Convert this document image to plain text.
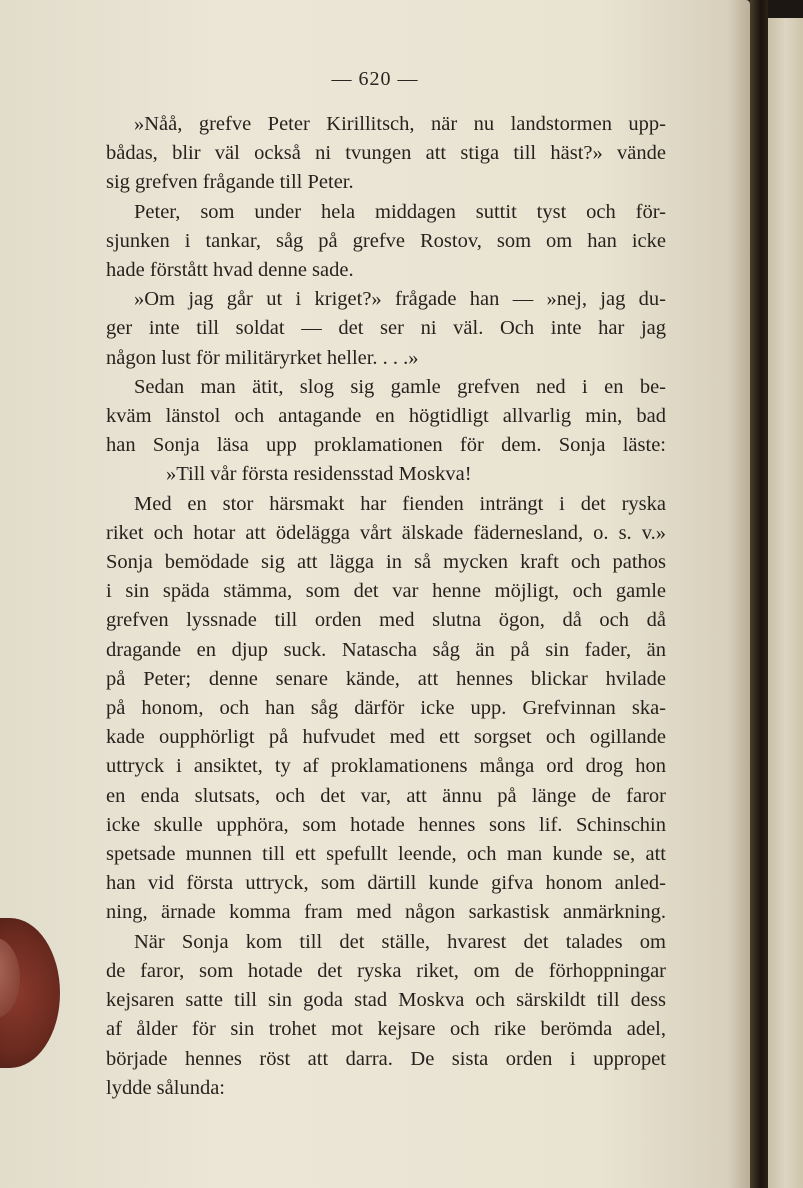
— 620 —

»Nåå, grefve Peter Kirillitsch, när nu landstormen upp-
bådas, blir väl också ni tvungen att stiga till häst?» vände
sig grefven frågande till Peter.

Peter, som under hela middagen suttit tyst och för-
sjunken i tankar, såg på grefve Rostov, som om han icke
hade förstått hvad denne sade.

»Om jag går ut i kriget?» frågade han — »nej, jag du-
ger inte till soldat — det ser ni väl. Och inte har jag
någon lust för militäryrket heller. . . .»

Sedan man ätit, slog sig gamle grefven ned i en be-
kväm länstol och antagande en högtidligt allvarlig min, bad
han Sonja läsa upp proklamationen för dem. Sonja läste:

»Till vår första residensstad Moskva!

Med en stor härsmakt har fienden inträngt i det ryska
riket och hotar att ödelägga vårt älskade fädernesland, o. s. v.»
Sonja bemödade sig att lägga in så mycken kraft och pathos
i sin späda stämma, som det var henne möjligt, och gamle
grefven lyssnade till orden med slutna ögon, då och då
dragande en djup suck. Natascha såg än på sin fader, än
på Peter; denne senare kände, att hennes blickar hvilade
på honom, och han såg därför icke upp. Grefvinnan ska-
kade oupphörligt på hufvudet med ett sorgset och ogillande
uttryck i ansiktet, ty af proklamationens många ord drog hon
en enda slutsats, och det var, att ännu på länge de faror
icke skulle upphöra, som hotade hennes sons lif. Schinschin
spetsade munnen till ett spefullt leende, och man kunde se, att
han vid första uttryck, som därtill kunde gifva honom anled-
ning, ärnade komma fram med någon sarkastisk anmärkning.

När Sonja kom till det ställe, hvarest det talades om
de faror, som hotade det ryska riket, om de förhoppningar
kejsaren satte till sin goda stad Moskva och särskildt till dess
af ålder för sin trohet mot kejsare och rike berömda adel,
började hennes röst att darra. De sista orden i uppropet
lydde sålunda:
